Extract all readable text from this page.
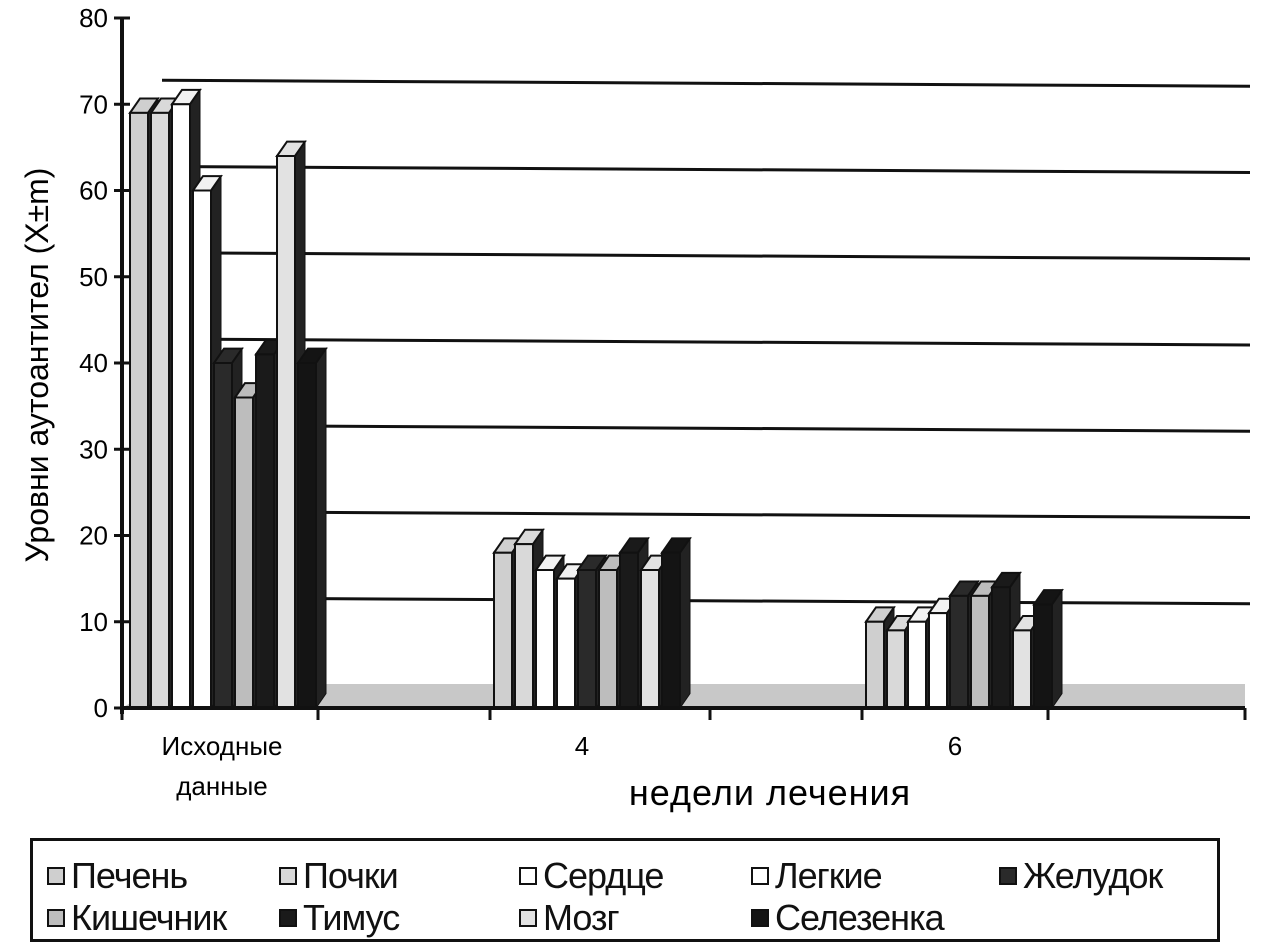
0
10
20
30
40
50
60
70
80
Исходные
данные
4	6
Уровни аутоантител (X±m)
недели лечения
Печень	Почки	Сердце	Легкие	Желудок
Кишечник Тимус	Мозг	Селезенка
